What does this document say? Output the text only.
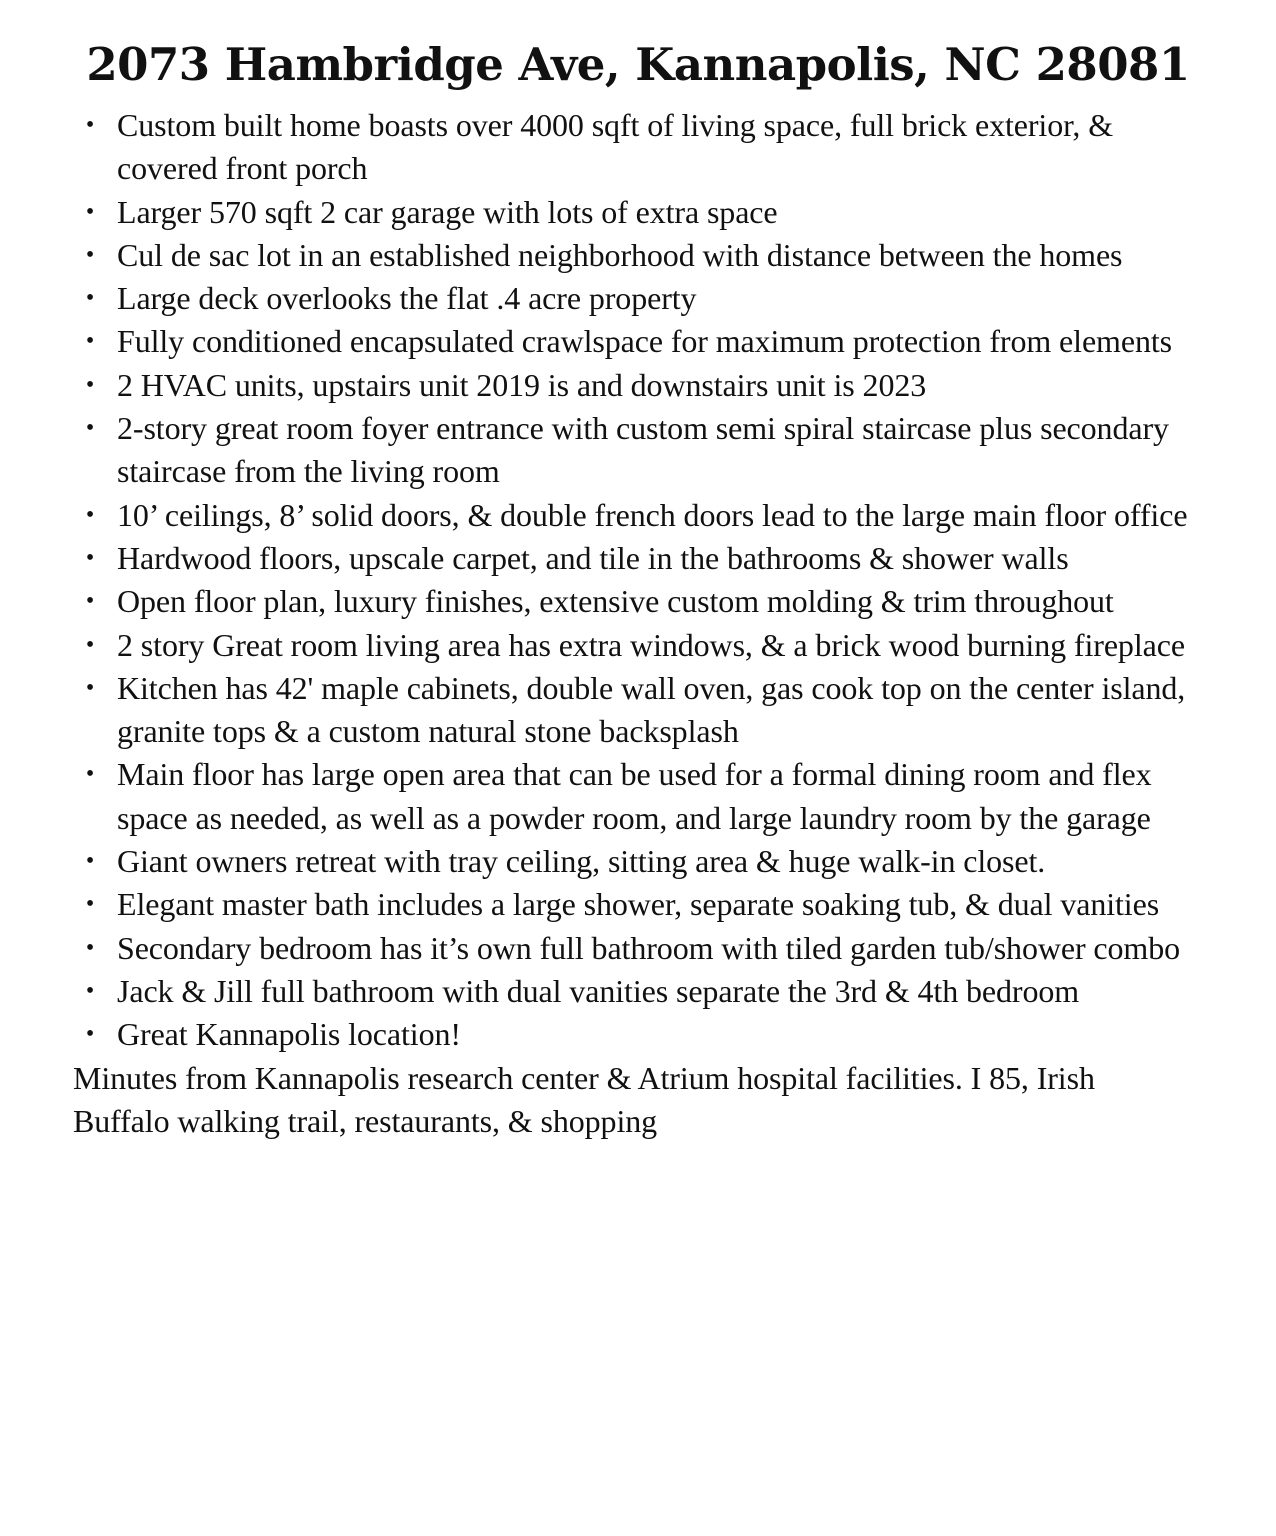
2073 Hambridge Ave, Kannapolis, NC 28081
• Custom built home boasts over 4000 sqft of living space, full brick exterior, & covered front porch
• Larger 570 sqft 2 car garage with lots of extra space
• Cul de sac lot in an established neighborhood with distance between the homes
• Large deck overlooks the flat .4 acre property
• Fully conditioned encapsulated crawlspace for maximum protection from elements
• 2 HVAC units, upstairs unit 2019 is and downstairs unit is 2023
• 2-story great room foyer entrance with custom semi spiral staircase plus secondary staircase from the living room
• 10’ ceilings, 8’ solid doors, & double french doors lead to the large main floor office
• Hardwood floors, upscale carpet, and tile in the bathrooms & shower walls
• Open floor plan, luxury finishes, extensive custom molding & trim throughout
• 2 story Great room living area has extra windows, & a brick wood burning fireplace
• Kitchen has 42' maple cabinets, double wall oven, gas cook top on the center island, granite tops & a custom natural stone backsplash
• Main floor has large open area that can be used for a formal dining room and flex space as needed, as well as a powder room, and large laundry room by the garage
• Giant owners retreat with tray ceiling, sitting area & huge walk-in closet.
• Elegant master bath includes a large shower, separate soaking tub, & dual vanities
• Secondary bedroom has it’s own full bathroom with tiled garden tub/shower combo
• Jack & Jill full bathroom with dual vanities separate the 3rd & 4th bedroom
• Great Kannapolis location!

Minutes from Kannapolis research center & Atrium hospital facilities. I 85, Irish Buffalo walking trail, restaurants, & shopping
